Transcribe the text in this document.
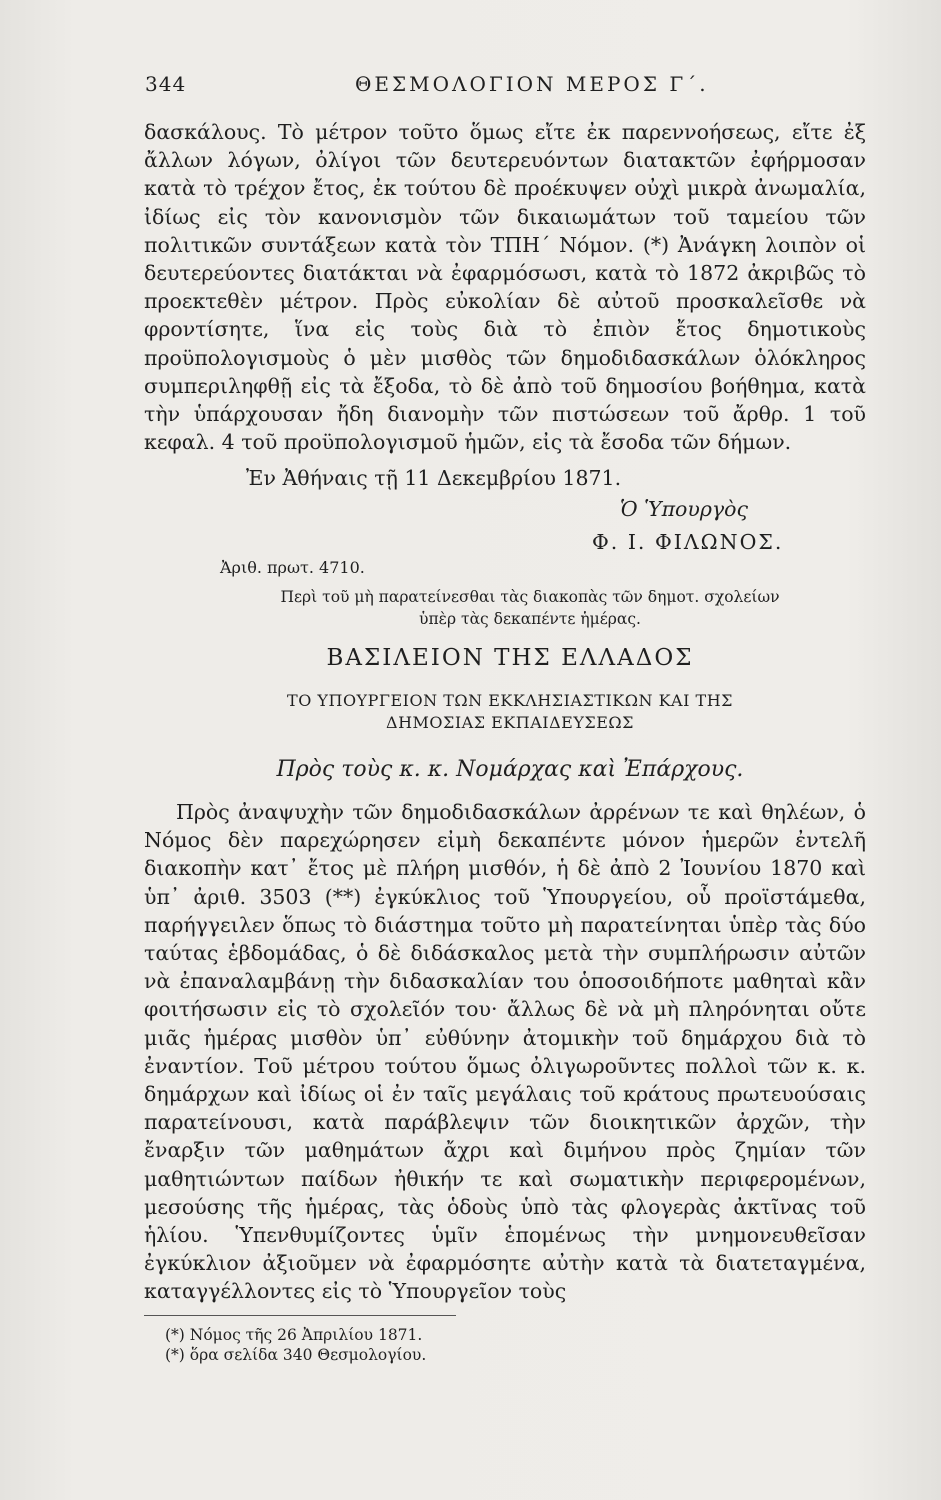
344	ΘΕΣΜΟΛΟΓΙΟΝ ΜΕΡΟΣ Γ΄.

δασκάλους. Τὸ μέτρον τοῦτο ὅμως εἴτε ἐκ παρεννοήσεως, εἴτε ἐξ ἄλλων λόγων, ὀλίγοι τῶν δευτερευόντων διατακτῶν ἐφήρμοσαν κατὰ τὸ τρέχον ἔτος, ἐκ τούτου δὲ προέκυψεν οὐχὶ μικρὰ ἀνωμαλία, ἰδίως εἰς τὸν κανονισμὸν τῶν δικαιωμάτων τοῦ ταμείου τῶν πολιτικῶν συντάξεων κατὰ τὸν ΤΠΗ΄ Νόμον. (*) Ἀνάγκη λοιπὸν οἱ δευτερεύοντες διατάκται νὰ ἐφαρμόσωσι, κατὰ τὸ 1872 ἀκριβῶς τὸ προεκτεθὲν μέτρον. Πρὸς εὐκολίαν δὲ αὐτοῦ προσκαλεῖσθε νὰ φροντίσητε, ἵνα εἰς τοὺς διὰ τὸ ἐπιὸν ἔτος δημοτικοὺς προϋπολογισμοὺς ὁ μὲν μισθὸς τῶν δημοδιδασκάλων ὁλόκληρος συμπεριληφθῇ εἰς τὰ ἔξοδα, τὸ δὲ ἀπὸ τοῦ δημοσίου βοήθημα, κατὰ τὴν ὑπάρχουσαν ἤδη διανομὴν τῶν πιστώσεων τοῦ ἄρθρ. 1 τοῦ κεφαλ. 4 τοῦ προϋπολογισμοῦ ἡμῶν, εἰς τὰ ἔσοδα τῶν δήμων.

Ἐν Ἀθήναις τῇ 11 Δεκεμβρίου 1871.

Ὁ Ὑπουργὸς
Φ. Ι. ΦΙΛΩΝΟΣ.
Ἀριθ. πρωτ. 4710.
Περὶ τοῦ μὴ παρατείνεσθαι τὰς διακοπὰς τῶν δημοτ. σχολείων
ὑπὲρ τὰς δεκαπέντε ἡμέρας.
ΒΑΣΙΛΕΙΟΝ ΤΗΣ ΕΛΛΑΔΟΣ
ΤΟ ΥΠΟΥΡΓΕΙΟΝ ΤΩΝ ΕΚΚΛΗΣΙΑΣΤΙΚΩΝ ΚΑΙ ΤΗΣ
ΔΗΜΟΣΙΑΣ ΕΚΠΑΙΔΕΥΣΕΩΣ
Πρὸς τοὺς κ. κ. Νομάρχας καὶ Ἐπάρχους.

Πρὸς ἀναψυχὴν τῶν δημοδιδασκάλων ἀρρένων τε καὶ θηλέων, ὁ Νόμος δὲν παρεχώρησεν εἰμὴ δεκαπέντε μόνον ἡμερῶν ἐντελῆ διακοπὴν κατ᾽ ἔτος μὲ πλήρη μισθόν, ἡ δὲ ἀπὸ 2 Ἰουνίου 1870 καὶ ὑπ᾽ ἀριθ. 3503 (**) ἐγκύκλιος τοῦ Ὑπουργείου, οὗ προϊστάμεθα, παρήγγειλεν ὅπως τὸ διάστημα τοῦτο μὴ παρατείνηται ὑπὲρ τὰς δύο ταύτας ἑβδομάδας, ὁ δὲ διδάσκαλος μετὰ τὴν συμπλήρωσιν αὐτῶν νὰ ἐπαναλαμβάνῃ τὴν διδασκαλίαν του ὁποσοιδήποτε μαθηταὶ κἂν φοιτήσωσιν εἰς τὸ σχολεῖόν του· ἄλλως δὲ νὰ μὴ πληρόνηται οὔτε μιᾶς ἡμέρας μισθὸν ὑπ᾽ εὐθύνην ἀτομικὴν τοῦ δημάρχου διὰ τὸ ἐναντίον. Τοῦ μέτρου τούτου ὅμως ὀλιγωροῦντες πολλοὶ τῶν κ. κ. δημάρχων καὶ ἰδίως οἱ ἐν ταῖς μεγάλαις τοῦ κράτους πρωτευούσαις παρατείνουσι, κατὰ παράβλεψιν τῶν διοικητικῶν ἀρχῶν, τὴν ἔναρξιν τῶν μαθημάτων ἄχρι καὶ διμήνου πρὸς ζημίαν τῶν μαθητιώντων παίδων ἠθικήν τε καὶ σωματικὴν περιφερομένων, μεσούσης τῆς ἡμέρας, τὰς ὁδοὺς ὑπὸ τὰς φλογερὰς ἀκτῖνας τοῦ ἡλίου. Ὑπενθυμίζοντες ὑμῖν ἑπομένως τὴν μνημονευθεῖσαν ἐγκύκλιον ἀξιοῦμεν νὰ ἐφαρμόσητε αὐτὴν κατὰ τὰ διατεταγμένα, καταγγέλλοντες εἰς τὸ Ὑπουργεῖον τοὺς

(*) Νόμος τῆς 26 Ἀπριλίου 1871.
(*) ὅρα σελίδα 340 Θεσμολογίου.
